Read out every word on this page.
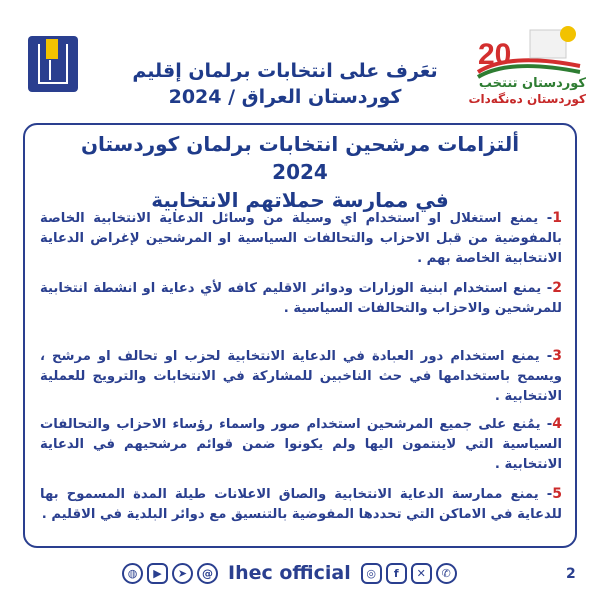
20
كوردستان تنتخب
كوردستان دەنگەدات
تعَرف على انتخابات برلمان إقليم
كوردستان العراق / 2024
ألتزامات مرشحين انتخابات برلمان كوردستان 2024
في ممارسة حملاتهم الانتخابية
1- يمنع استغلال او استخدام اي وسيلة من وسائل الدعاية الانتخابية الخاصة بالمفوضية من قبل الاحزاب والتحالفات السياسية او المرشحين لإغراض الدعاية الانتخابية الخاصة بهم .
2- يمنع استخدام ابنية الوزارات ودوائر الاقليم كافه لأي دعاية او انشطة انتخابية للمرشحين والاحزاب والتحالفات السياسية .
3- يمنع استخدام دور العبادة في الدعاية الانتخابية لحزب او تحالف او مرشح ، ويسمح باستخدامها في حث الناخبين للمشاركة في الانتخابات والترويج للعملية الانتخابية .
4- يمُنع على جميع المرشحين استخدام صور واسماء رؤساء الاحزاب والتحالفات السياسية التي لاينتمون اليها ولم يكونوا ضمن قوائم مرشحيهم في الدعاية الانتخابية .
5- يمنع ممارسة الدعاية الانتخابية والصاق الاعلانات طيلة المدة المسموح بها للدعاية في الاماكن التي تحددها المفوضية بالتنسيق مع دوائر البلدية في الاقليم .
◍	▶	➤	@ Ihec official	◎	f	✕	✆	2
